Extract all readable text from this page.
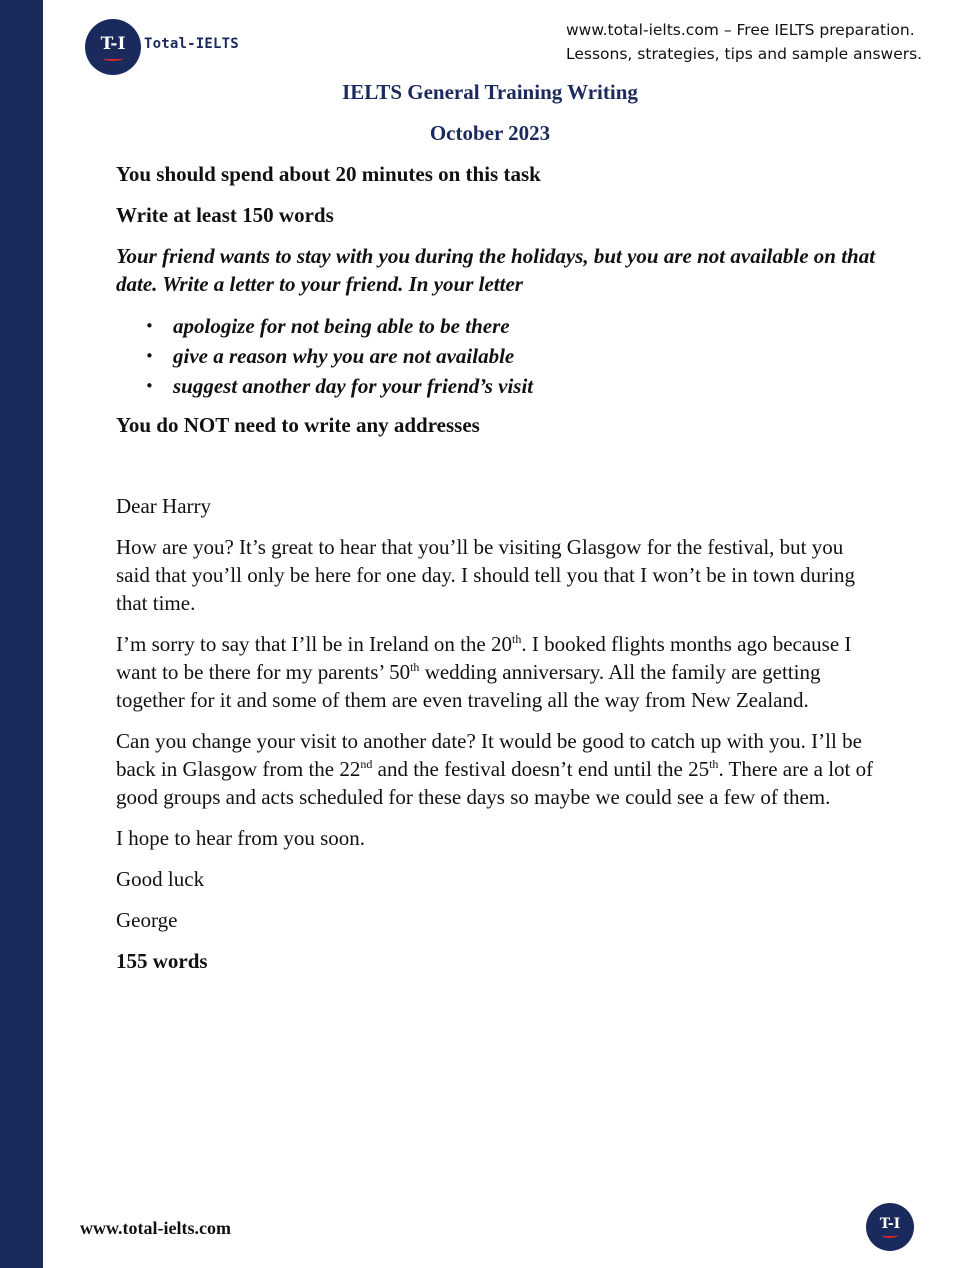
T-I Total-IELTS
www.total-ielts.com – Free IELTS preparation.
Lessons, strategies, tips and sample answers.
IELTS General Training Writing
October 2023

You should spend about 20 minutes on this task

Write at least 150 words

Your friend wants to stay with you during the holidays, but you are not available on that date. Write a letter to your friend. In your letter

• apologize for not being able to be there
• give a reason why you are not available
• suggest another day for your friend’s visit

You do NOT need to write any addresses

Dear Harry

How are you? It’s great to hear that you’ll be visiting Glasgow for the festival, but you said that you’ll only be here for one day. I should tell you that I won’t be in town during that time.

I’m sorry to say that I’ll be in Ireland on the 20th. I booked flights months ago because I want to be there for my parents’ 50th wedding anniversary. All the family are getting together for it and some of them are even traveling all the way from New Zealand.

Can you change your visit to another date? It would be good to catch up with you. I’ll be back in Glasgow from the 22nd and the festival doesn’t end until the 25th. There are a lot of good groups and acts scheduled for these days so maybe we could see a few of them.

I hope to hear from you soon.

Good luck

George

155 words

www.total-ielts.com	T-I
